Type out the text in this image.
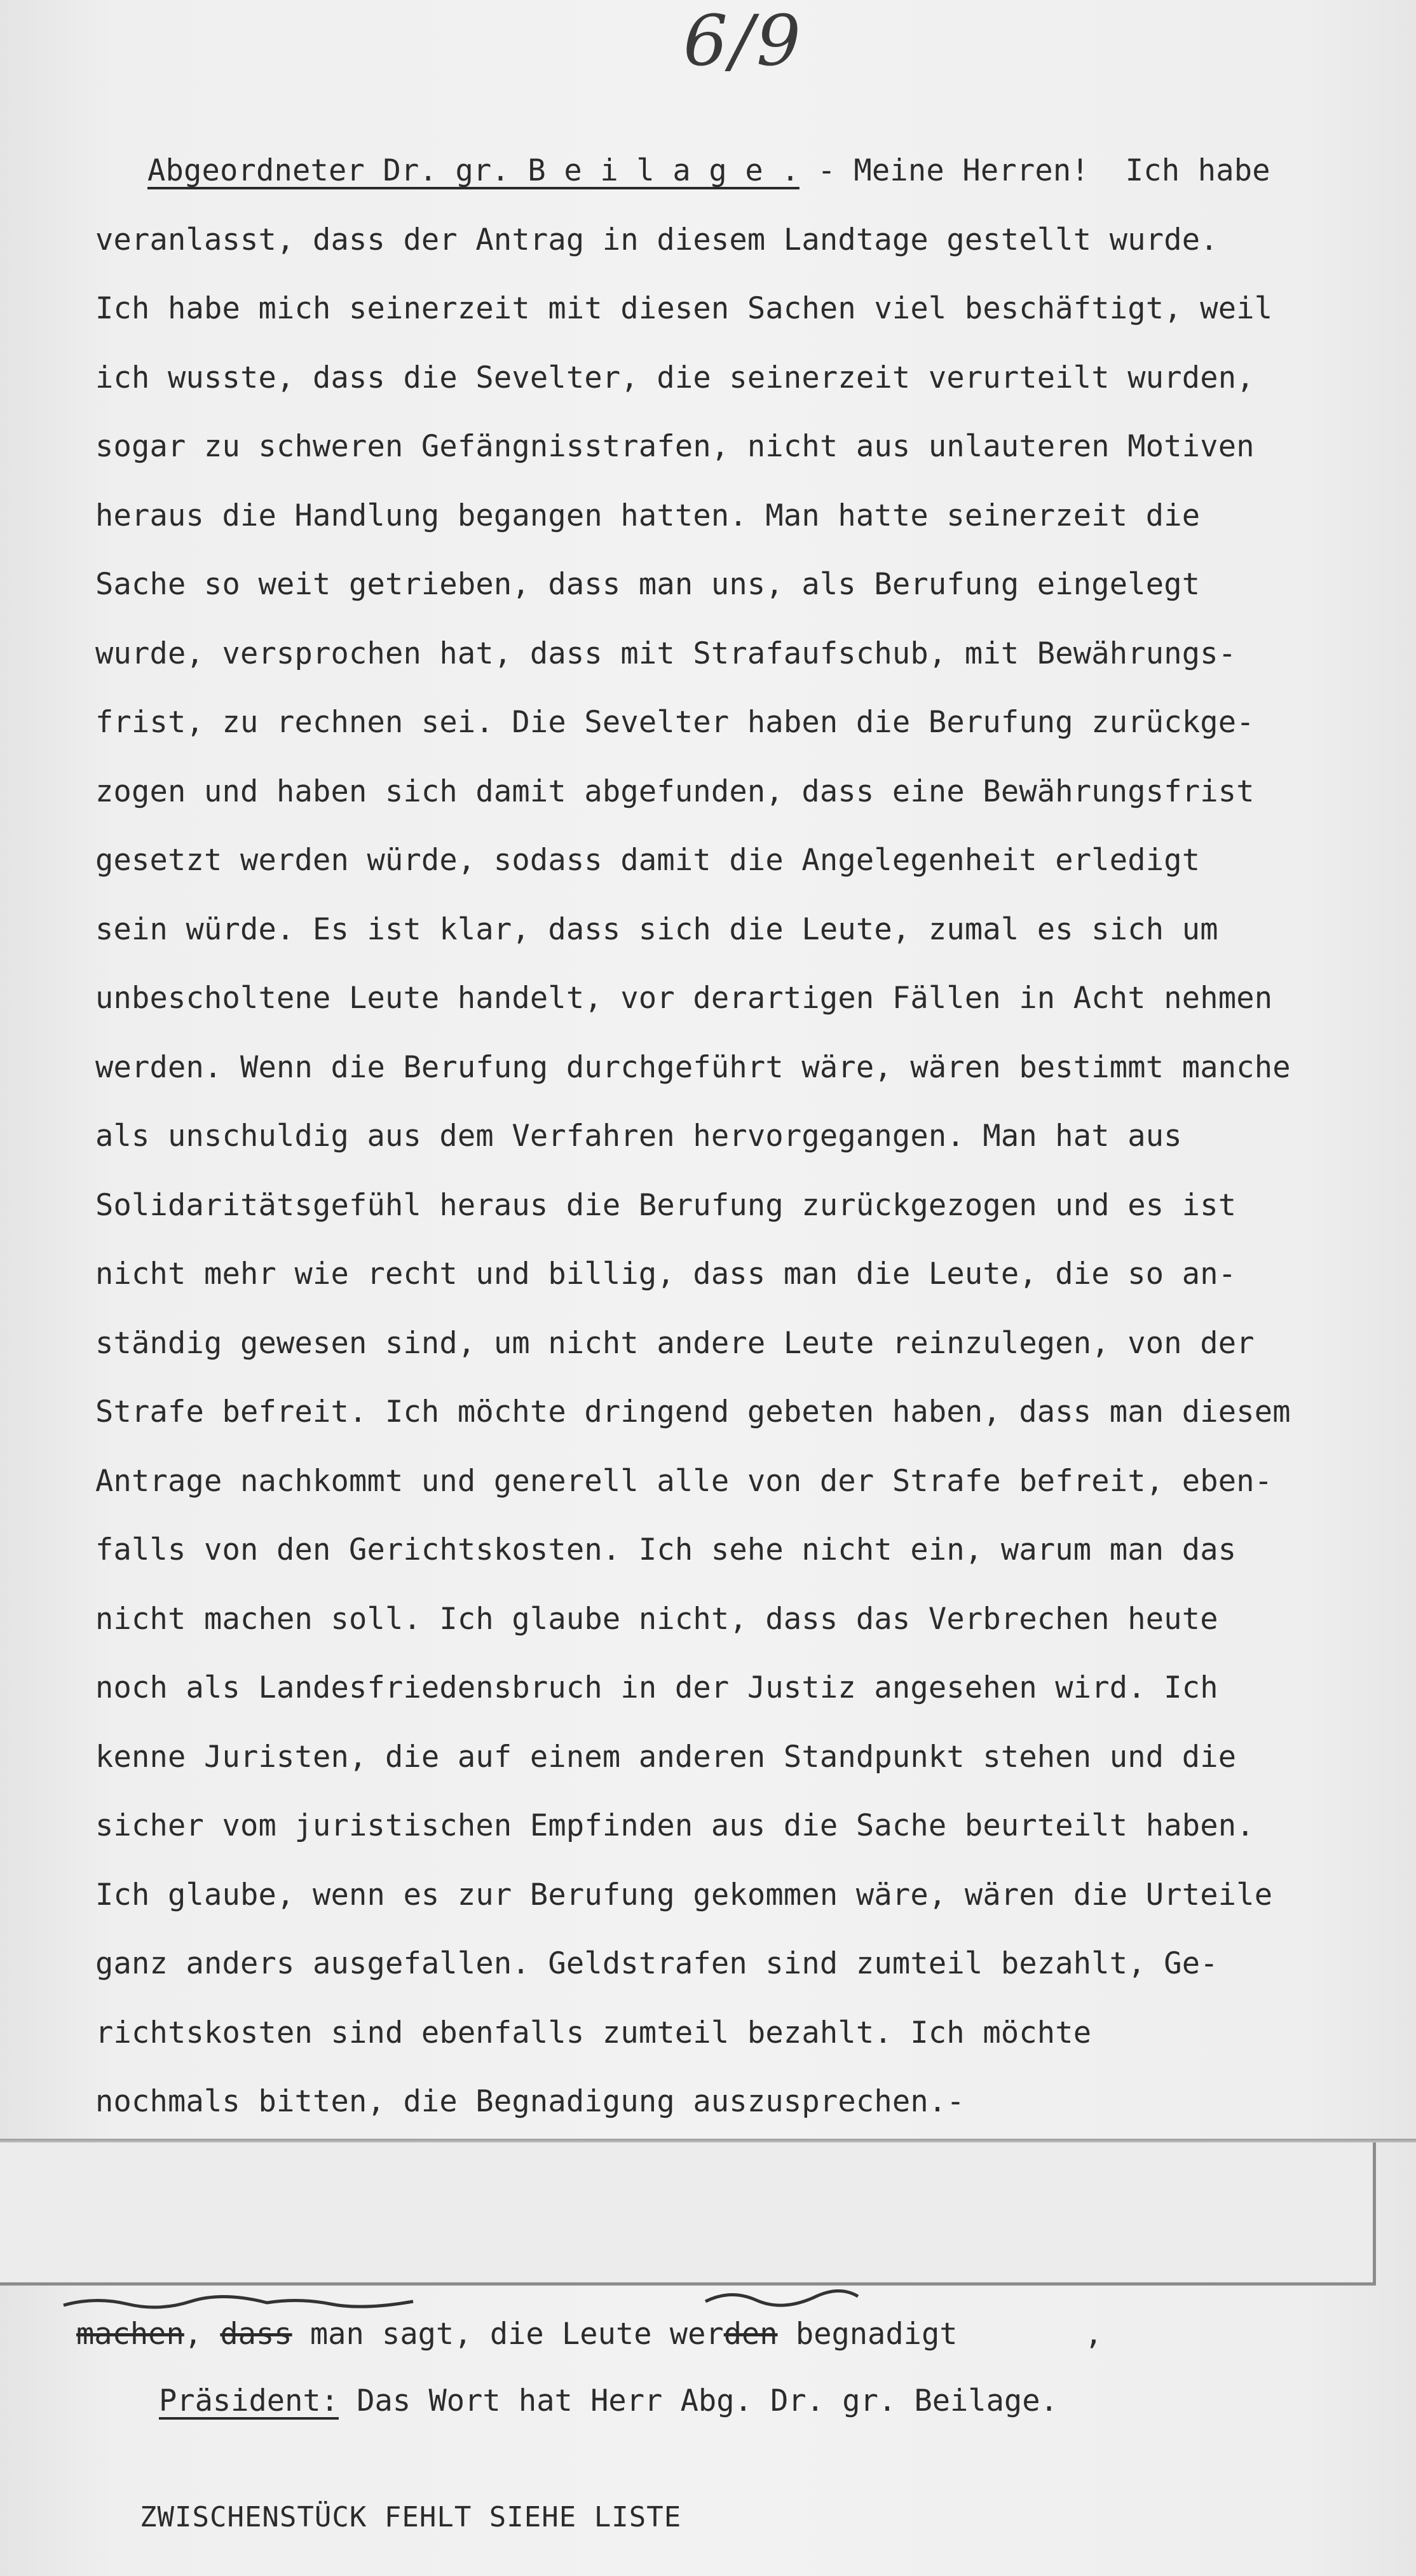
6/9
Abgeordneter Dr. gr. B e i l a g e . - Meine Herren!  Ich habe
veranlasst, dass der Antrag in diesem Landtage gestellt wurde.
Ich habe mich seinerzeit mit diesen Sachen viel beschäftigt, weil
ich wusste, dass die Sevelter, die seinerzeit verurteilt wurden,
sogar zu schweren Gefängnisstrafen, nicht aus unlauteren Motiven
heraus die Handlung begangen hatten. Man hatte seinerzeit die
Sache so weit getrieben, dass man uns, als Berufung eingelegt
wurde, versprochen hat, dass mit Strafaufschub, mit Bewährungs-
frist, zu rechnen sei. Die Sevelter haben die Berufung zurückge-
zogen und haben sich damit abgefunden, dass eine Bewährungsfrist
gesetzt werden würde, sodass damit die Angelegenheit erledigt
sein würde. Es ist klar, dass sich die Leute, zumal es sich um
unbescholtene Leute handelt, vor derartigen Fällen in Acht nehmen
werden. Wenn die Berufung durchgeführt wäre, wären bestimmt manche
als unschuldig aus dem Verfahren hervorgegangen. Man hat aus
Solidaritätsgefühl heraus die Berufung zurückgezogen und es ist
nicht mehr wie recht und billig, dass man die Leute, die so an-
ständig gewesen sind, um nicht andere Leute reinzulegen, von der
Strafe befreit. Ich möchte dringend gebeten haben, dass man diesem
Antrage nachkommt und generell alle von der Strafe befreit, eben-
falls von den Gerichtskosten. Ich sehe nicht ein, warum man das
nicht machen soll. Ich glaube nicht, dass das Verbrechen heute
noch als Landesfriedensbruch in der Justiz angesehen wird. Ich
kenne Juristen, die auf einem anderen Standpunkt stehen und die
sicher vom juristischen Empfinden aus die Sache beurteilt haben.
Ich glaube, wenn es zur Berufung gekommen wäre, wären die Urteile
ganz anders ausgefallen. Geldstrafen sind zumteil bezahlt, Ge-
richtskosten sind ebenfalls zumteil bezahlt. Ich möchte
nochmals bitten, die Begnadigung auszusprechen.-
machen, dass man sagt, die Leute werden begnadigt	,
Präsident: Das Wort hat Herr Abg. Dr. gr. Beilage.
ZWISCHENSTÜCK FEHLT SIEHE LISTE
